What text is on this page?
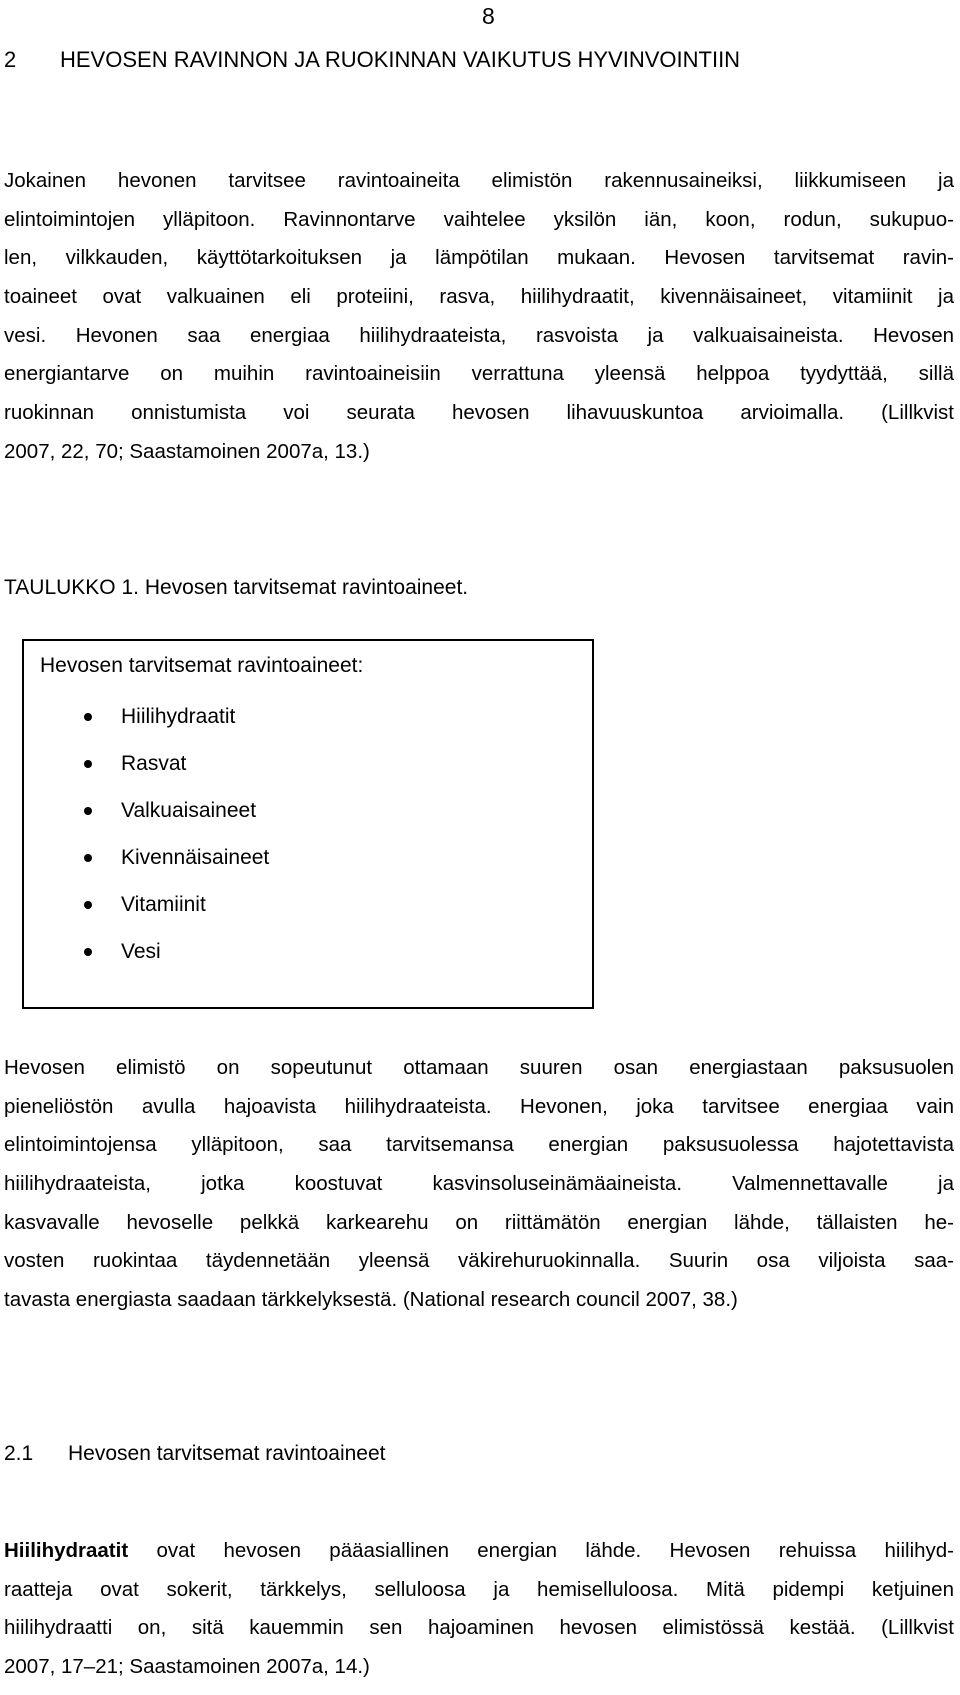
8
2 HEVOSEN RAVINNON JA RUOKINNAN VAIKUTUS HYVINVOINTIIN
Jokainen hevonen tarvitsee ravintoaineita elimistön rakennusaineiksi, liikkumiseen ja
elintoimintojen ylläpitoon. Ravinnontarve vaihtelee yksilön iän, koon, rodun, sukupuo-
len, vilkkauden, käyttötarkoituksen ja lämpötilan mukaan. Hevosen tarvitsemat ravin-
toaineet ovat valkuainen eli proteiini, rasva, hiilihydraatit, kivennäisaineet, vitamiinit ja
vesi. Hevonen saa energiaa hiilihydraateista, rasvoista ja valkuaisaineista. Hevosen
energiantarve on muihin ravintoaineisiin verrattuna yleensä helppoa tyydyttää, sillä
ruokinnan onnistumista voi seurata hevosen lihavuuskuntoa arvioimalla. (Lillkvist
2007, 22, 70; Saastamoinen 2007a, 13.)
TAULUKKO 1. Hevosen tarvitsemat ravintoaineet.
Hevosen tarvitsemat ravintoaineet:
Hiilihydraatit
Rasvat
Valkuaisaineet
Kivennäisaineet
Vitamiinit
Vesi
Hevosen elimistö on sopeutunut ottamaan suuren osan energiastaan paksusuolen
pieneliöstön avulla hajoavista hiilihydraateista. Hevonen, joka tarvitsee energiaa vain
elintoimintojensa ylläpitoon, saa tarvitsemansa energian paksusuolessa hajotettavista
hiilihydraateista, jotka koostuvat kasvinsoluseinämäaineista. Valmennettavalle ja
kasvavalle hevoselle pelkkä karkearehu on riittämätön energian lähde, tällaisten he-
vosten ruokintaa täydennetään yleensä väkirehuruokinnalla. Suurin osa viljoista saa-
tavasta energiasta saadaan tärkkelyksestä. (National research council 2007, 38.)
2.1 Hevosen tarvitsemat ravintoaineet
Hiilihydraatit ovat hevosen pääasiallinen energian lähde. Hevosen rehuissa hiilihyd-
raatteja ovat sokerit, tärkkelys, selluloosa ja hemiselluloosa. Mitä pidempi ketjuinen
hiilihydraatti on, sitä kauemmin sen hajoaminen hevosen elimistössä kestää. (Lillkvist
2007, 17–21; Saastamoinen 2007a, 14.)
